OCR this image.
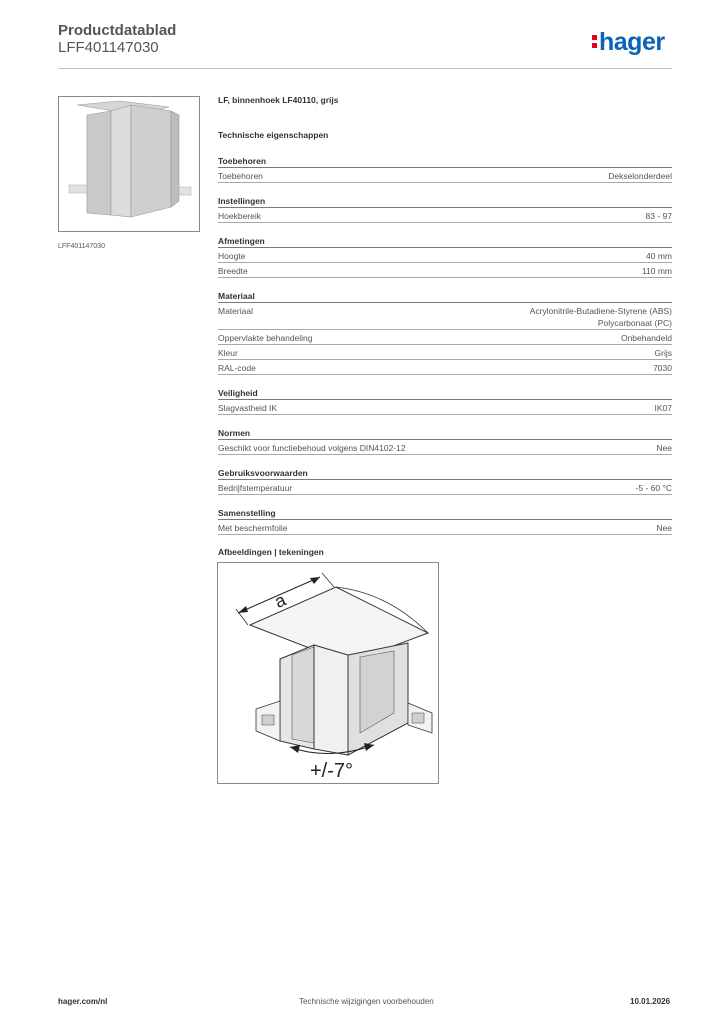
Productdatablad
LFF401147030	hager
LFF401147030
LF, binnenhoek LF40110, grijs
Technische eigenschappen
Toebehoren
Toebehoren	Dekselonderdeel
Instellingen
Hoekbereik	83 - 97
Afmetingen
Hoogte	40 mm
Breedte	110 mm
Materiaal
Materiaal	Acrylonitrile-Butadiene-Styrene (ABS)
Polycarbonaat (PC)
Oppervlakte behandeling	Onbehandeld
Kleur	Grijs
RAL-code	7030
Veiligheid
Slagvastheid IK	IK07
Normen
Geschikt voor functiebehoud volgens DIN4102-12	Nee
Gebruiksvoorwaarden
Bedrijfstemperatuur	-5 - 60 °C
Samenstelling
Met beschermfolie	Nee
Afbeeldingen | tekeningen
a
+/-7°
hager.com/nl	Technische wijzigingen voorbehouden	10.01.2026
